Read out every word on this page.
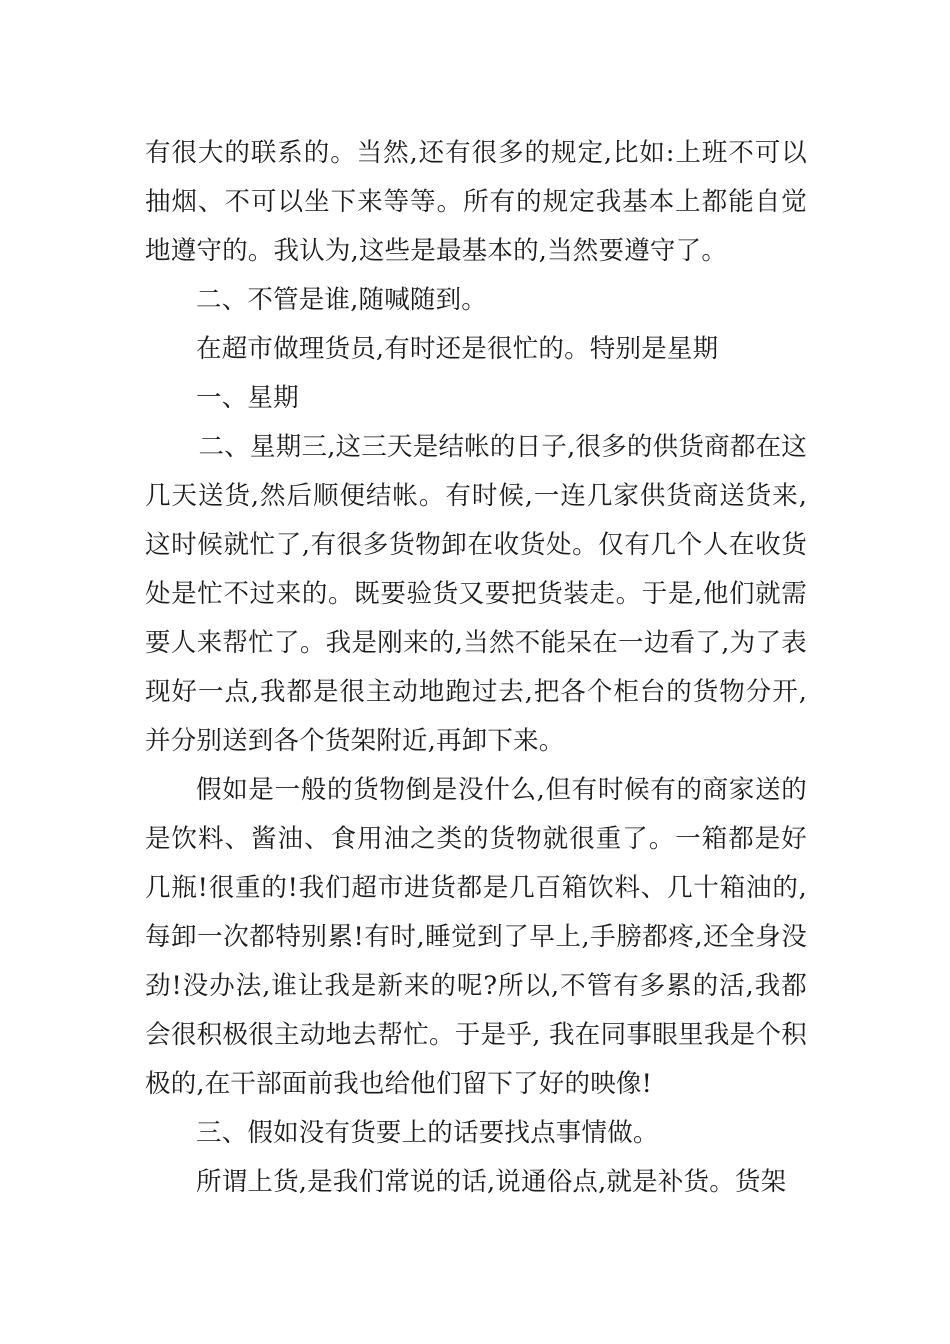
有很大的联系的。当然,还有很多的规定,比如:上班不可以抽烟、不可以坐下来等等。所有的规定我基本上都能自觉地遵守的。我认为,这些是最基本的,当然要遵守了。

二、不管是谁,随喊随到。

在超市做理货员,有时还是很忙的。特别是星期

一、星期

二、星期三,这三天是结帐的日子,很多的供货商都在这几天送货,然后顺便结帐。有时候,一连几家供货商送货来,这时候就忙了,有很多货物卸在收货处。仅有几个人在收货处是忙不过来的。既要验货又要把货装走。于是,他们就需要人来帮忙了。我是刚来的,当然不能呆在一边看了,为了表现好一点,我都是很主动地跑过去,把各个柜台的货物分开,并分别送到各个货架附近,再卸下来。

假如是一般的货物倒是没什么,但有时候有的商家送的是饮料、酱油、食用油之类的货物就很重了。一箱都是好几瓶!很重的!我们超市进货都是几百箱饮料、几十箱油的,每卸一次都特别累!有时,睡觉到了早上,手膀都疼,还全身没劲!没办法,谁让我是新来的呢?所以,不管有多累的活,我都会很积极很主动地去帮忙。于是乎, 我在同事眼里我是个积极的,在干部面前我也给他们留下了好的映像!

三、假如没有货要上的话要找点事情做。

所谓上货,是我们常说的话,说通俗点,就是补货。货架
